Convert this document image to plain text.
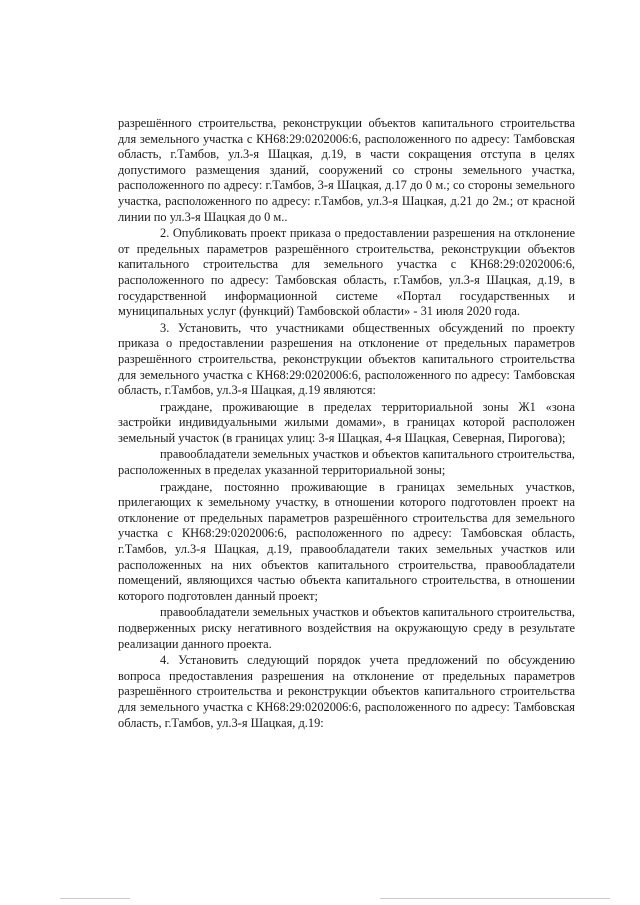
разрешённого строительства, реконструкции объектов капитального строительства для земельного участка с КН68:29:0202006:6, расположенного по адресу: Тамбовская область, г.Тамбов, ул.3-я Шацкая, д.19, в части сокращения отступа в целях допустимого размещения зданий, сооружений со строны земельного участка, расположенного по адресу: г.Тамбов, 3-я Шацкая, д.17 до 0 м.; со стороны земельного участка, расположенного по адресу: г.Тамбов, ул.3-я Шацкая, д.21 до 2м.; от красной линии по ул.3-я Шацкая до 0 м..

2. Опубликовать проект приказа о предоставлении разрешения на отклонение от предельных параметров разрешённого строительства, реконструкции объектов капитального строительства для земельного участка с КН68:29:0202006:6, расположенного по адресу: Тамбовская область, г.Тамбов, ул.3-я Шацкая, д.19, в государственной информационной системе «Портал государственных и муниципальных услуг (функций) Тамбовской области» - 31 июля 2020 года.

3. Установить, что участниками общественных обсуждений по проекту приказа о предоставлении разрешения на отклонение от предельных параметров разрешённого строительства, реконструкции объектов капитального строительства для земельного участка с КН68:29:0202006:6, расположенного по адресу: Тамбовская область, г.Тамбов, ул.3-я Шацкая, д.19 являются:

граждане, проживающие в пределах территориальной зоны Ж1 «зона застройки индивидуальными жилыми домами», в границах которой расположен земельный участок (в границах улиц: 3-я Шацкая, 4-я Шацкая, Северная, Пирогова);

правообладатели земельных участков и объектов капитального строительства, расположенных в пределах указанной территориальной зоны;

граждане, постоянно проживающие в границах земельных участков, прилегающих к земельному участку, в отношении которого подготовлен проект на отклонение от предельных параметров разрешённого строительства для земельного участка с КН68:29:0202006:6, расположенного по адресу: Тамбовская область, г.Тамбов, ул.3-я Шацкая, д.19, правообладатели таких земельных участков или расположенных на них объектов капитального строительства, правообладатели помещений, являющихся частью объекта капитального строительства, в отношении которого подготовлен данный проект;

правообладатели земельных участков и объектов капитального строительства, подверженных риску негативного воздействия на окружающую среду в результате реализации данного проекта.

4. Установить следующий порядок учета предложений по обсуждению вопроса предоставления разрешения на отклонение от предельных параметров разрешённого строительства и реконструкции объектов капитального строительства для земельного участка с КН68:29:0202006:6, расположенного по адресу: Тамбовская область, г.Тамбов, ул.3-я Шацкая, д.19:
